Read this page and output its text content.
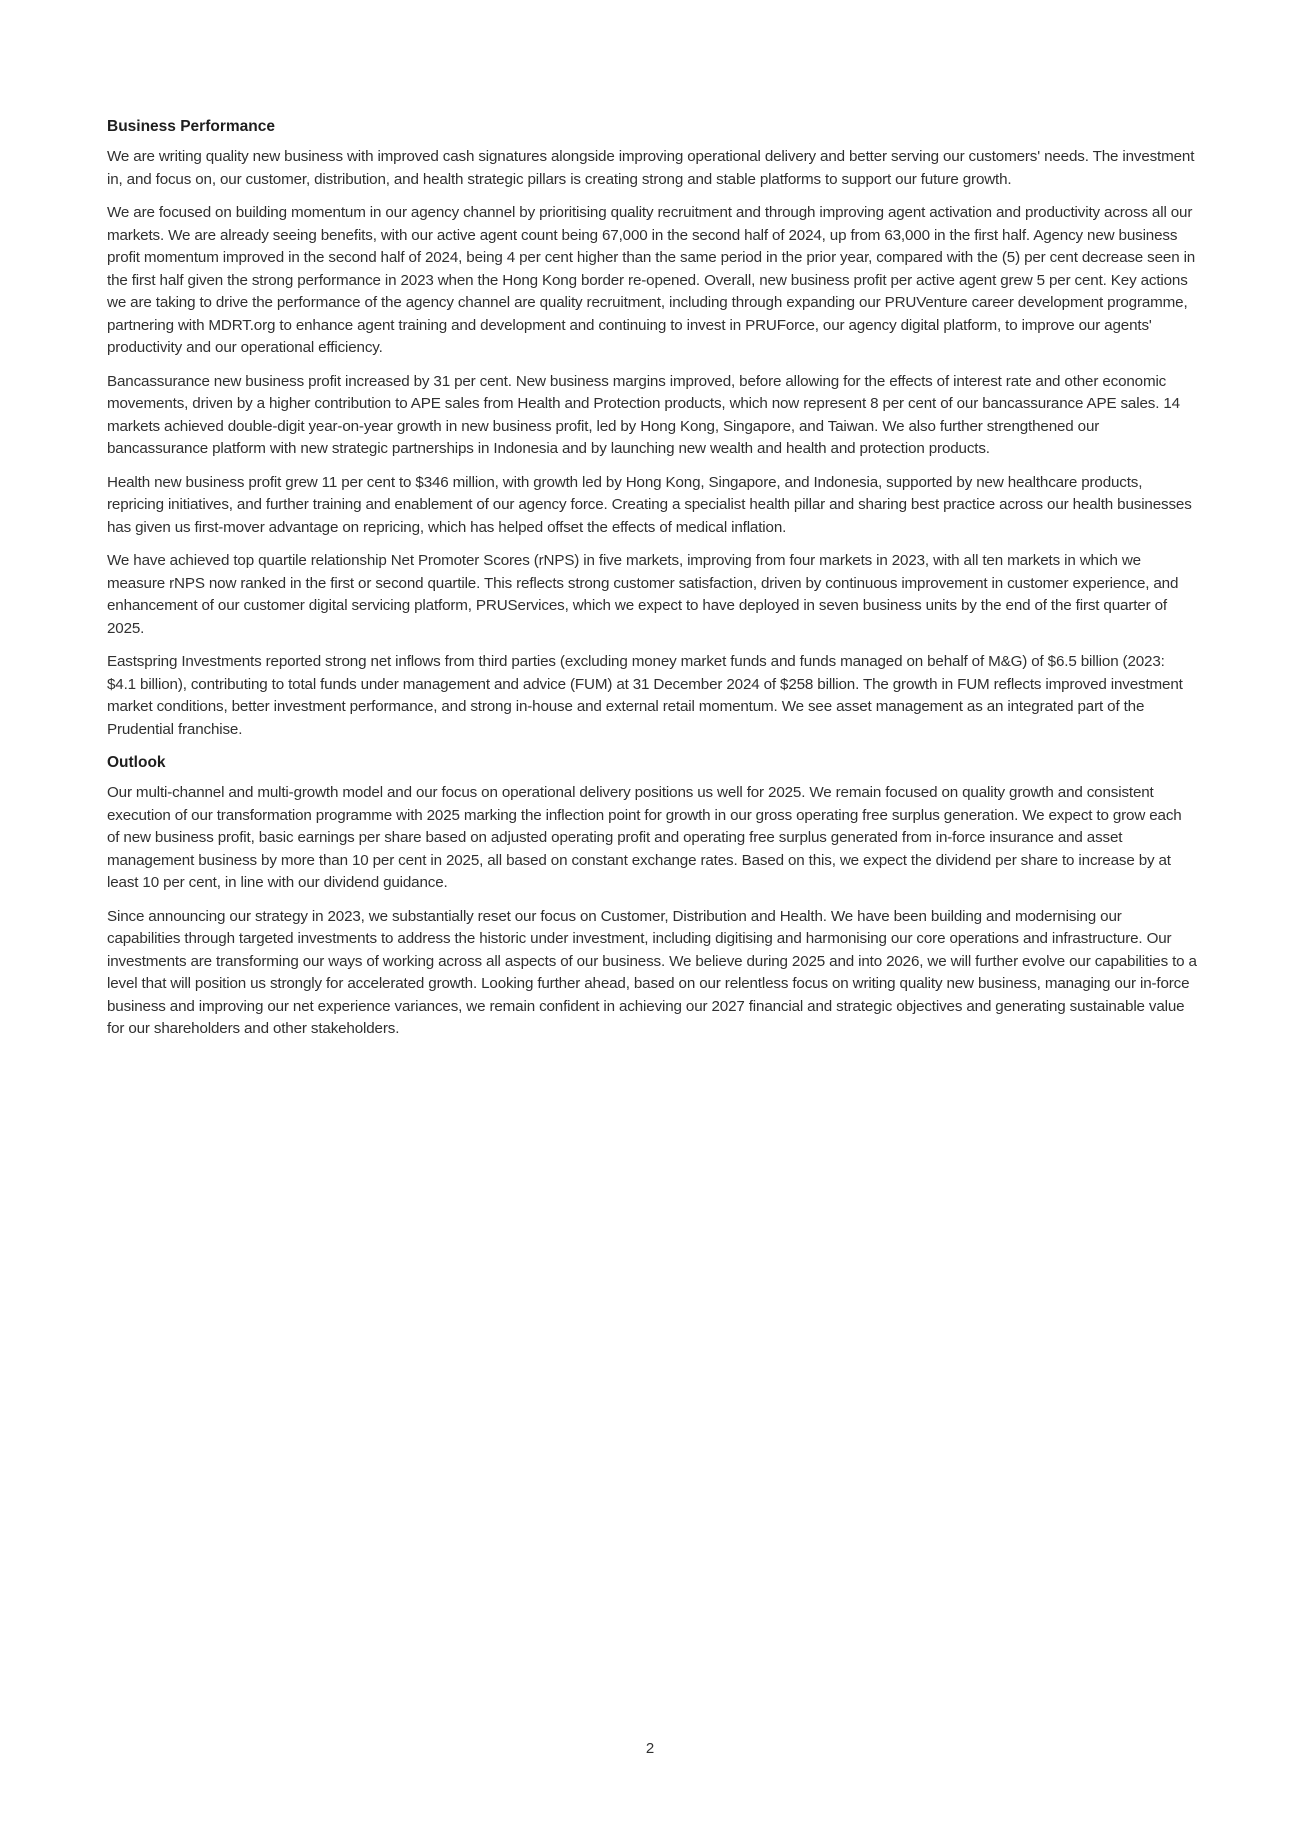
Business Performance

We are writing quality new business with improved cash signatures alongside improving operational delivery and better serving our customers' needs. The investment in, and focus on, our customer, distribution, and health strategic pillars is creating strong and stable platforms to support our future growth.

We are focused on building momentum in our agency channel by prioritising quality recruitment and through improving agent activation and productivity across all our markets. We are already seeing benefits, with our active agent count being 67,000 in the second half of 2024, up from 63,000 in the first half. Agency new business profit momentum improved in the second half of 2024, being 4 per cent higher than the same period in the prior year, compared with the (5) per cent decrease seen in the first half given the strong performance in 2023 when the Hong Kong border re-opened. Overall, new business profit per active agent grew 5 per cent. Key actions we are taking to drive the performance of the agency channel are quality recruitment, including through expanding our PRUVenture career development programme, partnering with MDRT.org to enhance agent training and development and continuing to invest in PRUForce, our agency digital platform, to improve our agents' productivity and our operational efficiency.

Bancassurance new business profit increased by 31 per cent. New business margins improved, before allowing for the effects of interest rate and other economic movements, driven by a higher contribution to APE sales from Health and Protection products, which now represent 8 per cent of our bancassurance APE sales. 14 markets achieved double-digit year-on-year growth in new business profit, led by Hong Kong, Singapore, and Taiwan. We also further strengthened our bancassurance platform with new strategic partnerships in Indonesia and by launching new wealth and health and protection products.

Health new business profit grew 11 per cent to $346 million, with growth led by Hong Kong, Singapore, and Indonesia, supported by new healthcare products, repricing initiatives, and further training and enablement of our agency force. Creating a specialist health pillar and sharing best practice across our health businesses has given us first-mover advantage on repricing, which has helped offset the effects of medical inflation.

We have achieved top quartile relationship Net Promoter Scores (rNPS) in five markets, improving from four markets in 2023, with all ten markets in which we measure rNPS now ranked in the first or second quartile. This reflects strong customer satisfaction, driven by continuous improvement in customer experience, and enhancement of our customer digital servicing platform, PRUServices, which we expect to have deployed in seven business units by the end of the first quarter of 2025.

Eastspring Investments reported strong net inflows from third parties (excluding money market funds and funds managed on behalf of M&G) of $6.5 billion (2023: $4.1 billion), contributing to total funds under management and advice (FUM) at 31 December 2024 of $258 billion. The growth in FUM reflects improved investment market conditions, better investment performance, and strong in-house and external retail momentum. We see asset management as an integrated part of the Prudential franchise.

Outlook

Our multi-channel and multi-growth model and our focus on operational delivery positions us well for 2025. We remain focused on quality growth and consistent execution of our transformation programme with 2025 marking the inflection point for growth in our gross operating free surplus generation. We expect to grow each of new business profit, basic earnings per share based on adjusted operating profit and operating free surplus generated from in-force insurance and asset management business by more than 10 per cent in 2025, all based on constant exchange rates. Based on this, we expect the dividend per share to increase by at least 10 per cent, in line with our dividend guidance.

Since announcing our strategy in 2023, we substantially reset our focus on Customer, Distribution and Health. We have been building and modernising our capabilities through targeted investments to address the historic under investment, including digitising and harmonising our core operations and infrastructure. Our investments are transforming our ways of working across all aspects of our business. We believe during 2025 and into 2026, we will further evolve our capabilities to a level that will position us strongly for accelerated growth. Looking further ahead, based on our relentless focus on writing quality new business, managing our in-force business and improving our net experience variances, we remain confident in achieving our 2027 financial and strategic objectives and generating sustainable value for our shareholders and other stakeholders.

2
